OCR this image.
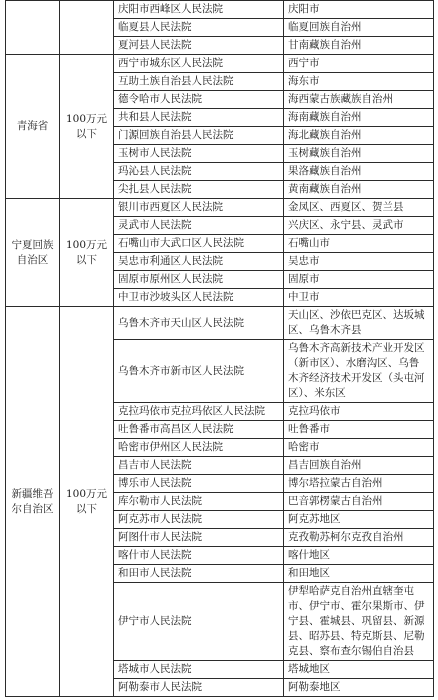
		庆阳市西峰区人民法院	庆阳市
		临夏县人民法院	临夏回族自治州
		夏河县人民法院	甘南藏族自治州
青海省	100万元以下	西宁市城东区人民法院	西宁市
		互助土族自治县人民法院	海东市
		德令哈市人民法院	海西蒙古族藏族自治州
		共和县人民法院	海南藏族自治州
		门源回族自治县人民法院	海北藏族自治州
		玉树市人民法院	玉树藏族自治州
		玛沁县人民法院	果洛藏族自治州
		尖扎县人民法院	黄南藏族自治州
宁夏回族自治区	100万元以下	银川市西夏区人民法院	金凤区、西夏区、贺兰县
		灵武市人民法院	兴庆区、永宁县、灵武市
		石嘴山市大武口区人民法院	石嘴山市
		吴忠市利通区人民法院	吴忠市
		固原市原州区人民法院	固原市
		中卫市沙坡头区人民法院	中卫市
新疆维吾尔自治区	100万元以下	乌鲁木齐市天山区人民法院	天山区、沙依巴克区、达坂城区、乌鲁木齐县
		乌鲁木齐市新市区人民法院	乌鲁木齐高新技术产业开发区（新市区）、水磨沟区、乌鲁木齐经济技术开发区（头屯河区）、米东区
		克拉玛依市克拉玛依区人民法院	克拉玛依市
		吐鲁番市高昌区人民法院	吐鲁番市
		哈密市伊州区人民法院	哈密市
		昌吉市人民法院	昌吉回族自治州
		博乐市人民法院	博尔塔拉蒙古自治州
		库尔勒市人民法院	巴音郭楞蒙古自治州
		阿克苏市人民法院	阿克苏地区
		阿图什市人民法院	克孜勒苏柯尔克孜自治州
		喀什市人民法院	喀什地区
		和田市人民法院	和田地区
		伊宁市人民法院	伊犁哈萨克自治州直辖奎屯市、伊宁市、霍尔果斯市、伊宁县、霍城县、巩留县、新源县、昭苏县、特克斯县、尼勒克县、察布查尔锡伯自治县
		塔城市人民法院	塔城地区
		阿勒泰市人民法院	阿勒泰地区
